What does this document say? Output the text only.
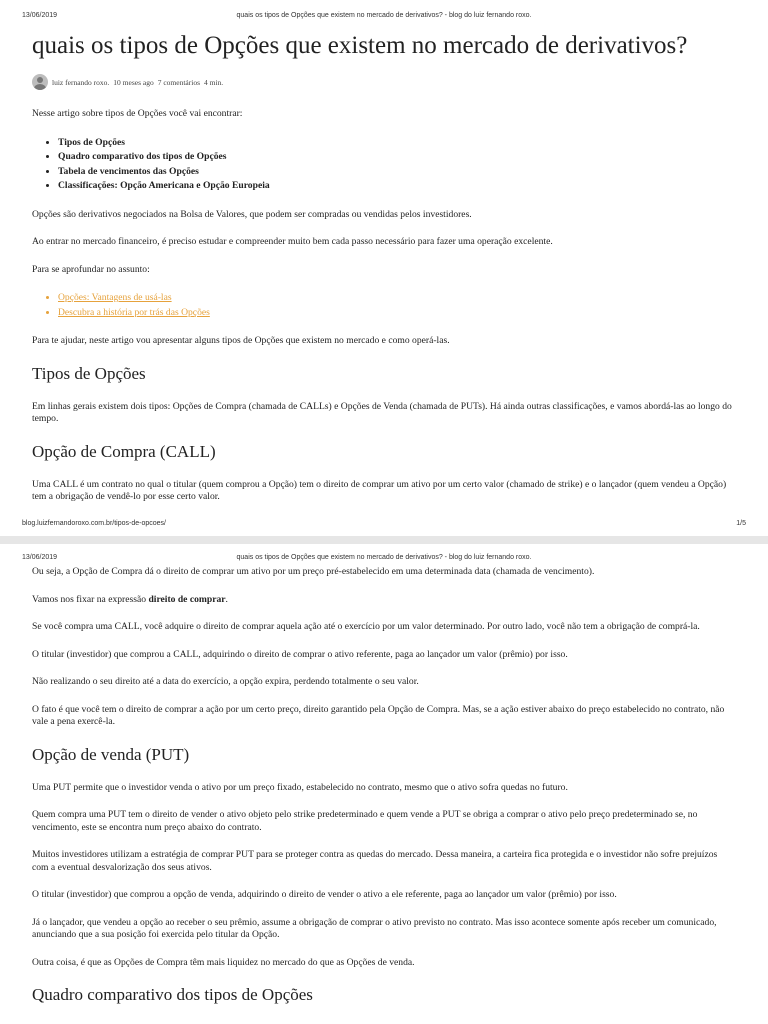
13/06/2019	quais os tipos de Opções que existem no mercado de derivativos? - blog do luiz fernando roxo.
quais os tipos de Opções que existem no mercado de derivativos?
luiz fernando roxo. 10 meses ago 7 comentários 4 min.

Nesse artigo sobre tipos de Opções você vai encontrar:

• Tipos de Opções
• Quadro comparativo dos tipos de Opções
• Tabela de vencimentos das Opções
• Classificações: Opção Americana e Opção Europeia

Opções são derivativos negociados na Bolsa de Valores, que podem ser compradas ou vendidas pelos investidores.

Ao entrar no mercado financeiro, é preciso estudar e compreender muito bem cada passo necessário para fazer uma operação excelente.

Para se aprofundar no assunto:

• Opções: Vantagens de usá-las
• Descubra a história por trás das Opções

Para te ajudar, neste artigo vou apresentar alguns tipos de Opções que existem no mercado e como operá-las.

Tipos de Opções

Em linhas gerais existem dois tipos: Opções de Compra (chamada de CALLs) e Opções de Venda (chamada de PUTs). Há ainda outras classificações, e vamos abordá-las ao longo do tempo.

Opção de Compra (CALL)

Uma CALL é um contrato no qual o titular (quem comprou a Opção) tem o direito de comprar um ativo por um certo valor (chamado de strike) e o lançador (quem vendeu a Opção) tem a obrigação de vendê-lo por esse certo valor.

blog.luizfernandoroxo.com.br/tipos-de-opcoes/	1/5
13/06/2019	quais os tipos de Opções que existem no mercado de derivativos? - blog do luiz fernando roxo.

Ou seja, a Opção de Compra dá o direito de comprar um ativo por um preço pré-estabelecido em uma determinada data (chamada de vencimento).

Vamos nos fixar na expressão direito de comprar.

Se você compra uma CALL, você adquire o direito de comprar aquela ação até o exercício por um valor determinado. Por outro lado, você não tem a obrigação de comprá-la.

O titular (investidor) que comprou a CALL, adquirindo o direito de comprar o ativo referente, paga ao lançador um valor (prêmio) por isso.

Não realizando o seu direito até a data do exercício, a opção expira, perdendo totalmente o seu valor.

O fato é que você tem o direito de comprar a ação por um certo preço, direito garantido pela Opção de Compra. Mas, se a ação estiver abaixo do preço estabelecido no contrato, não vale a pena exercê-la.

Opção de venda (PUT)

Uma PUT permite que o investidor venda o ativo por um preço fixado, estabelecido no contrato, mesmo que o ativo sofra quedas no futuro.

Quem compra uma PUT tem o direito de vender o ativo objeto pelo strike predeterminado e quem vende a PUT se obriga a comprar o ativo pelo preço predeterminado se, no vencimento, este se encontra num preço abaixo do contrato.

Muitos investidores utilizam a estratégia de comprar PUT para se proteger contra as quedas do mercado. Dessa maneira, a carteira fica protegida e o investidor não sofre prejuízos com a eventual desvalorização dos seus ativos.

O titular (investidor) que comprou a opção de venda, adquirindo o direito de vender o ativo a ele referente, paga ao lançador um valor (prêmio) por isso.

Já o lançador, que vendeu a opção ao receber o seu prêmio, assume a obrigação de comprar o ativo previsto no contrato. Mas isso acontece somente após receber um comunicado, anunciando que a sua posição foi exercida pelo titular da Opção.

Outra coisa, é que as Opções de Compra têm mais liquidez no mercado do que as Opções de venda.

Quadro comparativo dos tipos de Opções
